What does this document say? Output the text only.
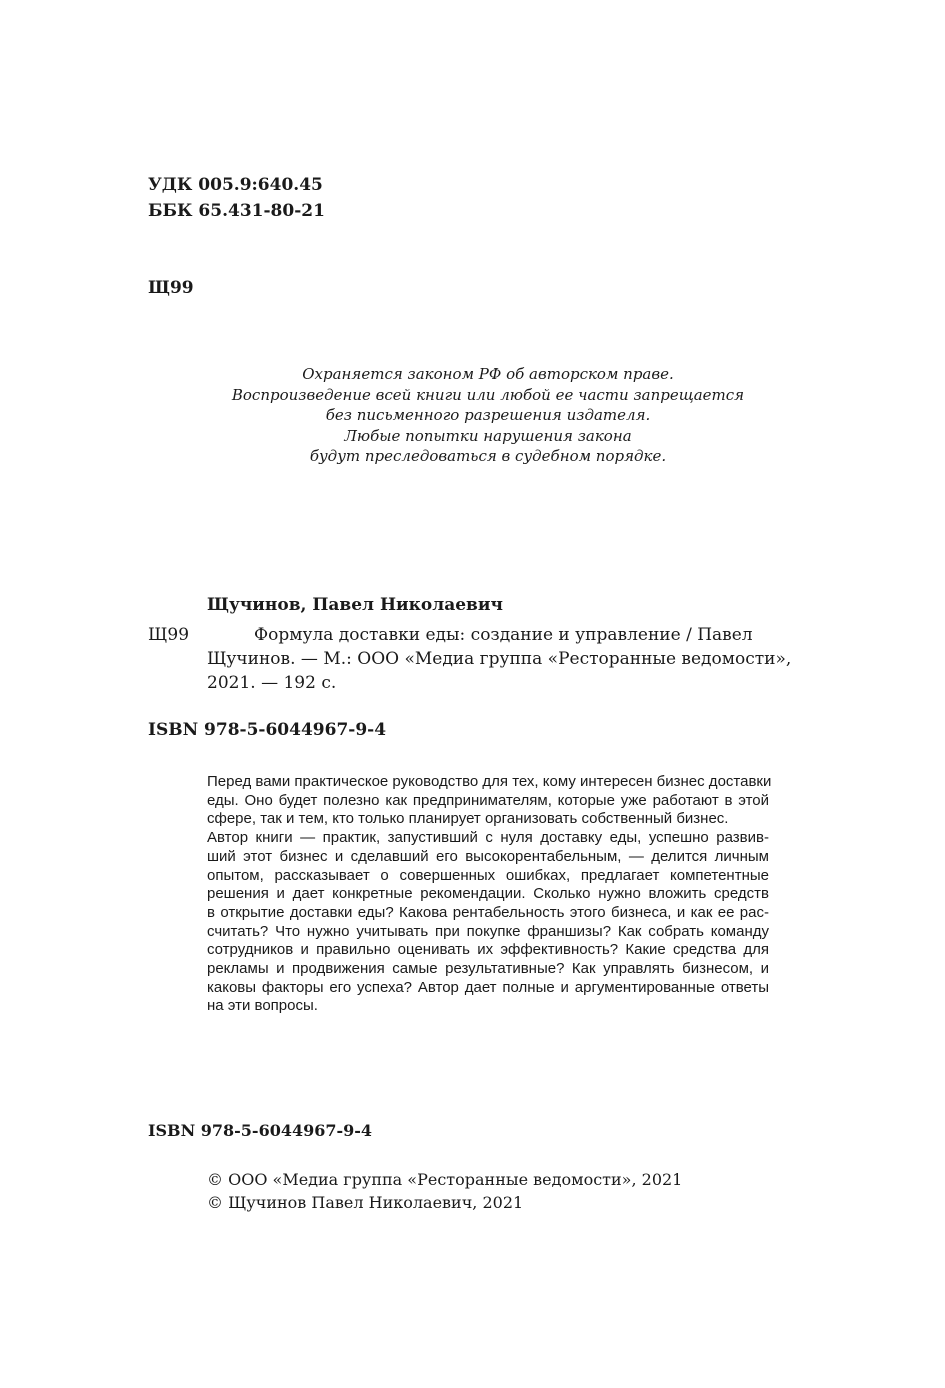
УДК 005.9:640.45
ББК 65.431-80-21
Щ99
Охраняется законом РФ об авторском праве.
Воспроизведение всей книги или любой ее части запрещается
без письменного разрешения издателя.
Любые попытки нарушения закона
будут преследоваться в судебном порядке.
Щучинов, Павел Николаевич
Щ99	Формула доставки еды: создание и управление / Павел
Щучинов. — М.: ООО «Медиа группа «Ресторанные ведомости»,
2021. — 192 с.
ISBN 978-5-6044967-9-4
Перед вами практическое руководство для тех, кому интересен бизнес доставки
еды. Оно будет полезно как предпринимателям, которые уже работают в этой
сфере, так и тем, кто только планирует организовать собственный бизнес.
Автор книги — практик, запустивший с нуля доставку еды, успешно развив-
ший этот бизнес и сделавший его высокорентабельным, — делится личным
опытом, рассказывает о совершенных ошибках, предлагает компетентные
решения и дает конкретные рекомендации. Сколько нужно вложить средств
в открытие доставки еды? Какова рентабельность этого бизнеса, и как ее рас-
считать? Что нужно учитывать при покупке франшизы? Как собрать команду
сотрудников и правильно оценивать их эффективность? Какие средства для
рекламы и продвижения самые результативные? Как управлять бизнесом, и
каковы факторы его успеха? Автор дает полные и аргументированные ответы
на эти вопросы.
ISBN 978-5-6044967-9-4
© ООО «Медиа группа «Ресторанные ведомости», 2021
© Щучинов Павел Николаевич, 2021
